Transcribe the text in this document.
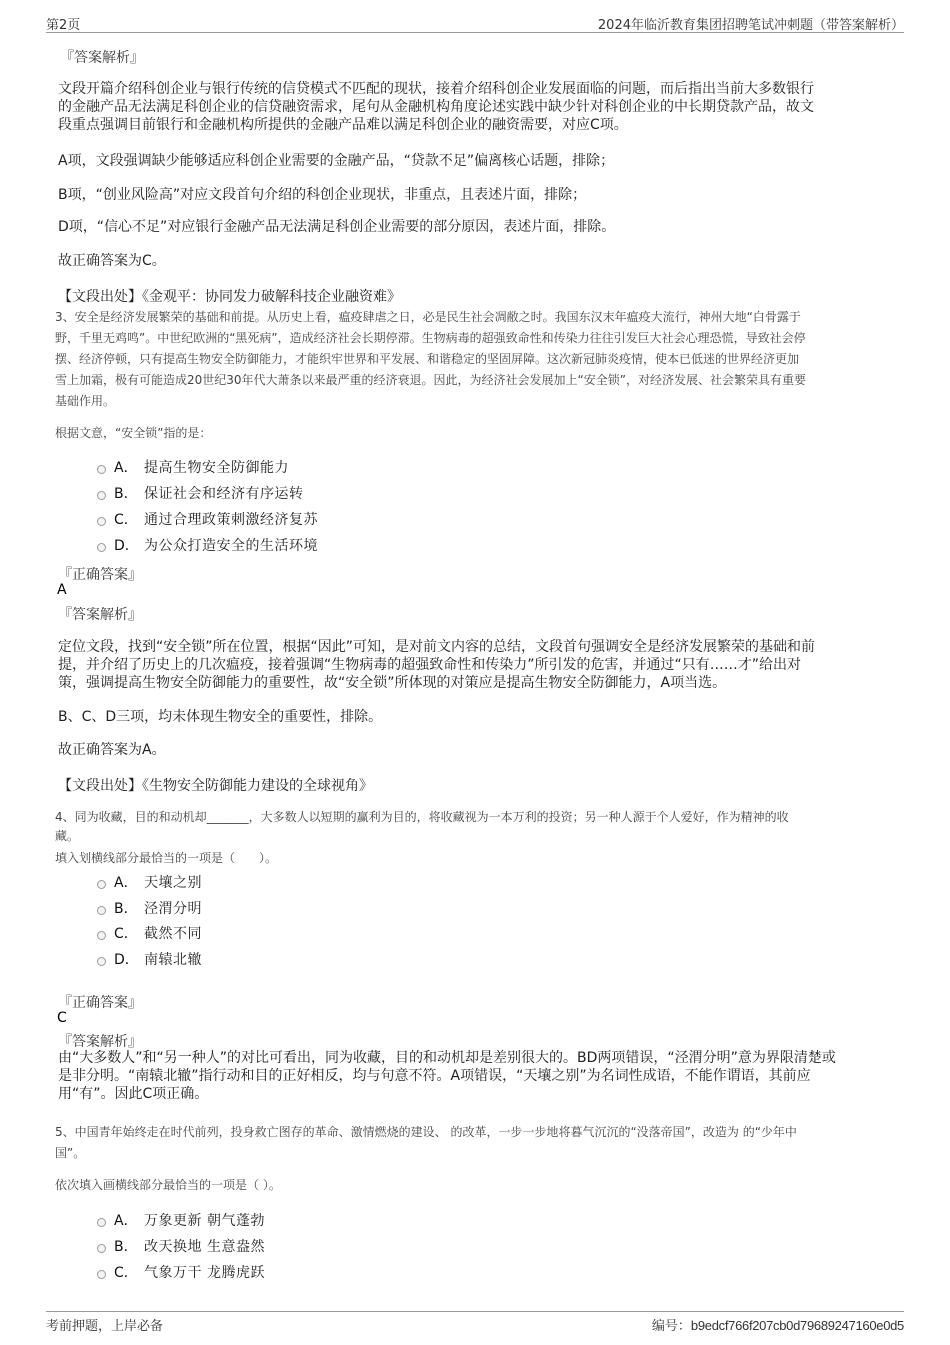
第2页	2024年临沂教育集团招聘笔试冲刺题（带答案解析）
『答案解析』
文段开篇介绍科创企业与银行传统的信贷模式不匹配的现状，接着介绍科创企业发展面临的问题，而后指出当前大多数银行
的金融产品无法满足科创企业的信贷融资需求，尾句从金融机构角度论述实践中缺少针对科创企业的中长期贷款产品，故文
段重点强调目前银行和金融机构所提供的金融产品难以满足科创企业的融资需要，对应C项。
A项，文段强调缺少能够适应科创企业需要的金融产品，“贷款不足”偏离核心话题，排除；
B项，“创业风险高”对应文段首句介绍的科创企业现状，非重点，且表述片面，排除；
D项，“信心不足”对应银行金融产品无法满足科创企业需要的部分原因，表述片面，排除。
故正确答案为C。
【文段出处】《金观平：协同发力破解科技企业融资难》
3、安全是经济发展繁荣的基础和前提。从历史上看，瘟疫肆虐之日，必是民生社会凋敝之时。我国东汉末年瘟疫大流行，神州大地“白骨露于
野，千里无鸡鸣”。中世纪欧洲的“黑死病”，造成经济社会长期停滞。生物病毒的超强致命性和传染力往往引发巨大社会心理恐慌，导致社会停
摆、经济停顿，只有提高生物安全防御能力，才能织牢世界和平发展、和谐稳定的坚固屏障。这次新冠肺炎疫情，使本已低迷的世界经济更加
雪上加霜，极有可能造成20世纪30年代大萧条以来最严重的经济衰退。因此，为经济社会发展加上“安全锁”，对经济发展、社会繁荣具有重要
基础作用。
根据文意，“安全锁”指的是：
A． 提高生物安全防御能力
B． 保证社会和经济有序运转
C． 通过合理政策刺激经济复苏
D． 为公众打造安全的生活环境
『正确答案』
A
『答案解析』
定位文段，找到“安全锁”所在位置，根据“因此”可知，是对前文内容的总结，文段首句强调安全是经济发展繁荣的基础和前
提，并介绍了历史上的几次瘟疫，接着强调“生物病毒的超强致命性和传染力”所引发的危害，并通过“只有……才”给出对
策，强调提高生物安全防御能力的重要性，故“安全锁”所体现的对策应是提高生物安全防御能力，A项当选。
B、C、D三项，均未体现生物安全的重要性，排除。
故正确答案为A。
【文段出处】《生物安全防御能力建设的全球视角》
4、同为收藏，目的和动机却_______，大多数人以短期的赢利为目的，将收藏视为一本万利的投资；另一种人源于个人爱好，作为精神的收
藏。
填入划横线部分最恰当的一项是（　　）。
A． 天壤之别
B． 泾渭分明
C． 截然不同
D． 南辕北辙
『正确答案』
C
『答案解析』
由“大多数人”和“另一种人”的对比可看出，同为收藏，目的和动机却是差别很大的。BD两项错误，“泾渭分明”意为界限清楚或
是非分明。“南辕北辙”指行动和目的正好相反，均与句意不符。A项错误，“天壤之别”为名词性成语，不能作谓语，其前应
用“有”。因此C项正确。
5、中国青年始终走在时代前列，投身救亡图存的革命、激情燃烧的建设、 的改革，一步一步地将暮气沉沉的“没落帝国”，改造为 的“少年中
国”。
依次填入画横线部分最恰当的一项是（ ）。
A． 万象更新 朝气蓬勃
B． 改天换地 生意盎然
C． 气象万干 龙腾虎跃
考前押题，上岸必备	编号：b9edcf766f207cb0d79689247160e0d5
